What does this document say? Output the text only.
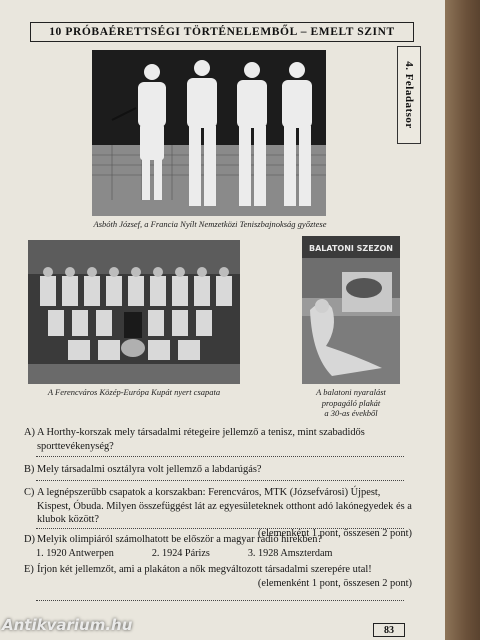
10 PRÓBAÉRETTSÉGI TÖRTÉNELEMBŐL – EMELT SZINT
4. Feladatsor
Asbóth József, a Francia Nyílt Nemzetközi Teniszbajnokság győztese
A Ferencváros Közép-Európa Kupát nyert csapata
BALATONI SZEZON
A balatoni nyaralást
propagáló plakát
a 30-as évekből
A) A Horthy-korszak mely társadalmi rétegeire jellemző a tenisz, mint szabadidős sporttevékenység?
B) Mely társadalmi osztályra volt jellemző a labdarúgás?
C) A legnépszerűbb csapatok a korszakban: Ferencváros, MTK (Józsefvárosi) Újpest, Kispest, Óbuda. Milyen összefüggést lát az egyesületeknek otthont adó lakónegyedek és a klubok között?
(elemenként 1 pont, összesen 2 pont)
D) Melyik olimpiáról számolhatott be először a magyar rádió hírekben?
1. 1920 Antwerpen	2. 1924 Párizs	3. 1928 Amszterdam
E) Írjon két jellemzőt, ami a plakáton a nők megváltozott társadalmi szerepére utal!
(elemenként 1 pont, összesen 2 pont)
83
Antikvarium.hu
